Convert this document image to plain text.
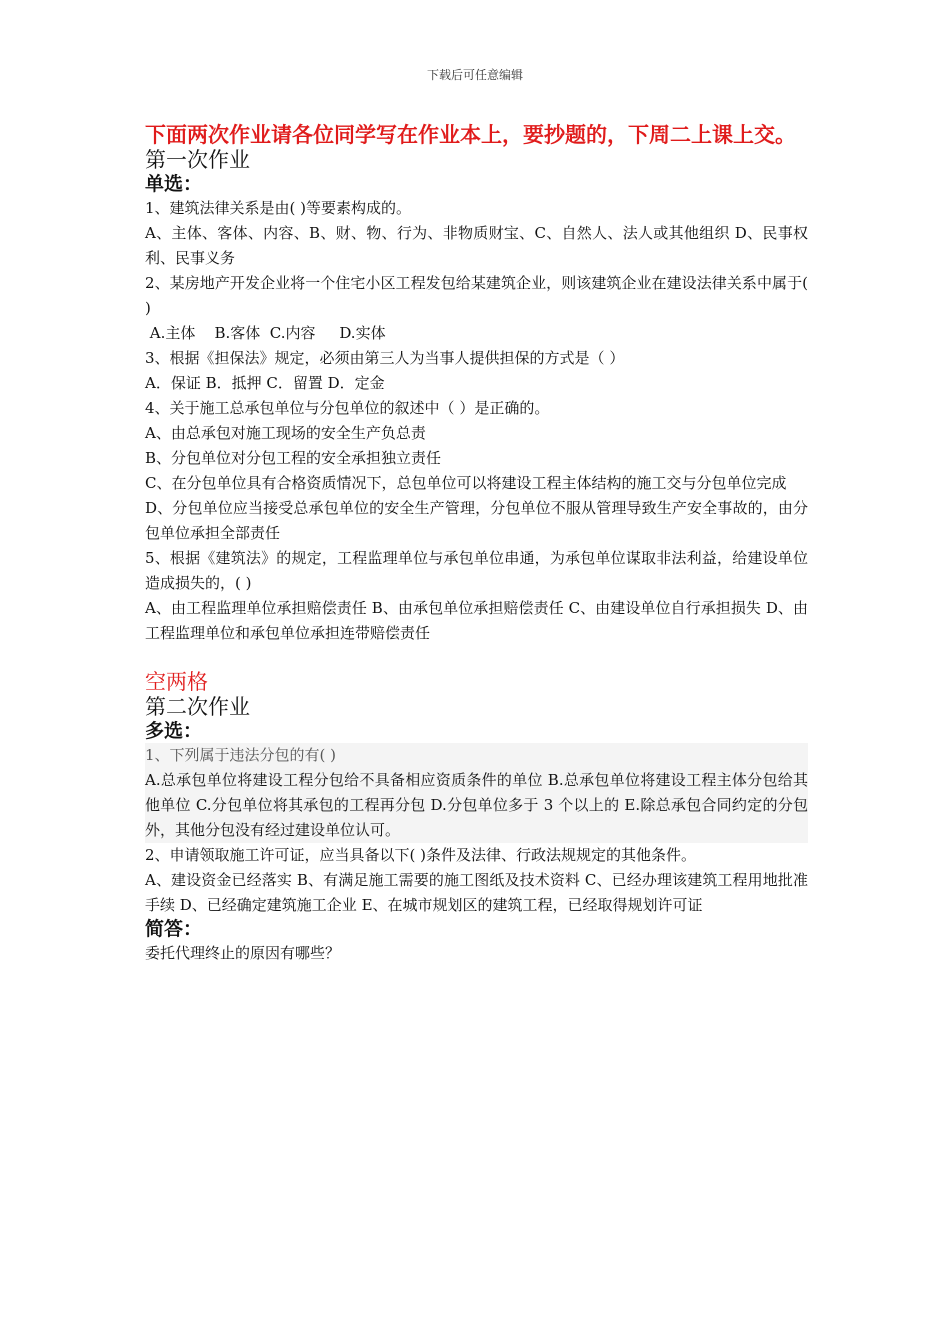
下载后可任意编辑

下面两次作业请各位同学写在作业本上，要抄题的，下周二上课上交。

第一次作业
单选：

1、建筑法律关系是由( )等要素构成的。

A、主体、客体、内容、B、财、物、行为、非物质财宝、C、自然人、法人或其他组织 D、民事权利、民事义务

2、某房地产开发企业将一个住宅小区工程发包给某建筑企业，则该建筑企业在建设法律关系中属于( )

A.主体    B.客体  C.内容     D.实体

3、根据《担保法》规定，必须由第三人为当事人提供担保的方式是（ ）

A．保证 B．抵押 C．留置 D．定金

4、关于施工总承包单位与分包单位的叙述中（ ）是正确的。

A、由总承包对施工现场的安全生产负总责

B、分包单位对分包工程的安全承担独立责任

C、在分包单位具有合格资质情况下，总包单位可以将建设工程主体结构的施工交与分包单位完成

D、分包单位应当接受总承包单位的安全生产管理，分包单位不服从管理导致生产安全事故的，由分包单位承担全部责任

5、根据《建筑法》的规定，工程监理单位与承包单位串通，为承包单位谋取非法利益，给建设单位造成损失的，( )

A、由工程监理单位承担赔偿责任 B、由承包单位承担赔偿责任 C、由建设单位自行承担损失 D、由工程监理单位和承包单位承担连带赔偿责任

空两格
第二次作业
多选：

1、下列属于违法分包的有( )

A.总承包单位将建设工程分包给不具备相应资质条件的单位 B.总承包单位将建设工程主体分包给其他单位 C.分包单位将其承包的工程再分包 D.分包单位多于 3 个以上的 E.除总承包合同约定的分包外，其他分包没有经过建设单位认可。

2、申请领取施工许可证，应当具备以下( )条件及法律、行政法规规定的其他条件。

A、建设资金已经落实 B、有满足施工需要的施工图纸及技术资料 C、已经办理该建筑工程用地批准手续 D、已经确定建筑施工企业 E、在城市规划区的建筑工程，已经取得规划许可证

简答：

委托代理终止的原因有哪些？
